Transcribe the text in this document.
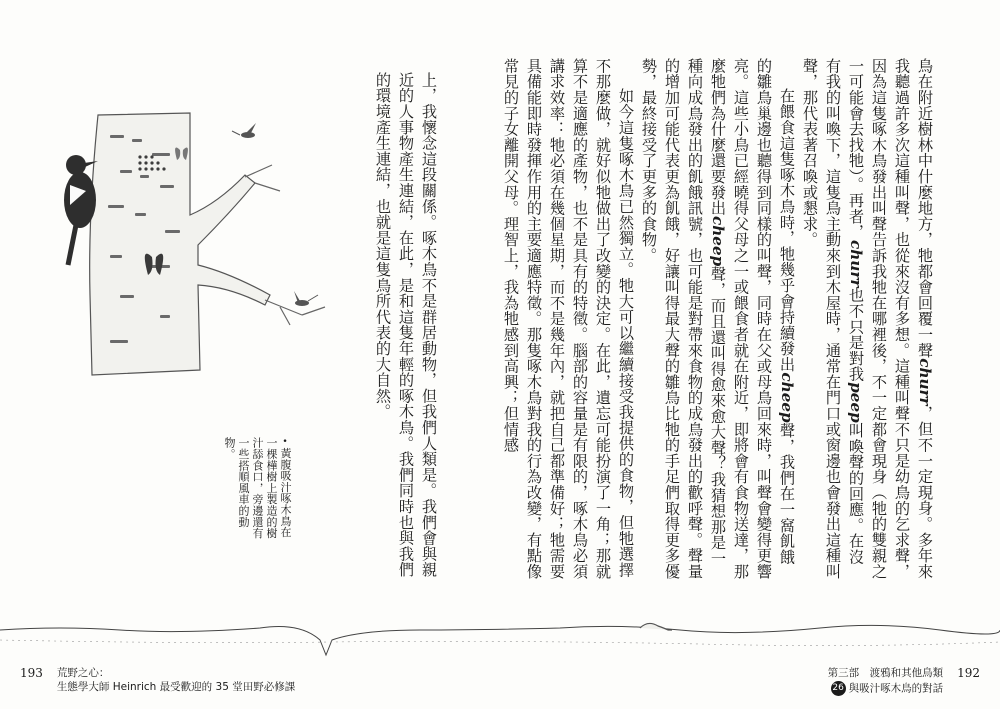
鳥在附近樹林中什麼地方，牠都會回覆一聲churr，但不一定現身。多年來我聽過許多次這種叫聲，也從來沒有多想。這種叫聲不只是幼鳥的乞求聲，因為這隻啄木鳥發出叫聲告訴我牠在哪裡後，不一定都會現身（牠的雙親之一可能會去找牠）。再者，churr也不只是對我peep叫喚聲的回應。在沒有我的叫喚下，這隻鳥主動來到木屋時，通常在門口或窗邊也會發出這種叫聲，那代表著召喚或懇求。

在餵食這隻啄木鳥時，牠幾乎會持續發出cheep聲，我們在一窩飢餓的雛鳥巢邊也聽得到同樣的叫聲，同時在父或母鳥回來時，叫聲會變得更響亮。這些小鳥已經曉得父母之一或餵食者就在附近，即將會有食物送達，那麼牠們為什麼還要發出cheep聲，而且還叫得愈來愈大聲？我猜想那是一種向成鳥發出的飢餓訊號，也可能是對帶來食物的成鳥發出的歡呼聲。聲量的增加可能代表更為飢餓，好讓叫得最大聲的雛鳥比牠的手足們取得更多優勢，最終接受了更多的食物。

如今這隻啄木鳥已然獨立。牠大可以繼續接受我提供的食物，但牠選擇不那麼做，就好似牠做出了改變的決定。在此，遺忘可能扮演了一角；那就算不是適應的產物，也不是具有的特徵。腦部的容量是有限的，啄木鳥必須講求效率：牠必須在幾個星期，而不是幾年內，就把自己都準備好；牠需要具備能即時發揮作用的主要適應特徵。那隻啄木鳥對我的行為改變，有點像常見的子女離開父母。理智上，我為牠感到高興；但情感

•黃腹吸汁啄木鳥在一棵樺樹上製造的樹汁舔食口，旁邊還有一些搭順風車的動物。	上，我懷念這段關係。啄木鳥不是群居動物，但我們人類是。我們會與親近的人事物產生連結，在此，是和這隻年輕的啄木鳥。我們同時也與我們的環境產生連結，也就是這隻鳥所代表的大自然。

193 荒野之心：
生態學大師 Heinrich 最受歡迎的 35 堂田野必修課
第三部　渡鴉和其他鳥類
26 與吸汁啄木鳥的對話
192
